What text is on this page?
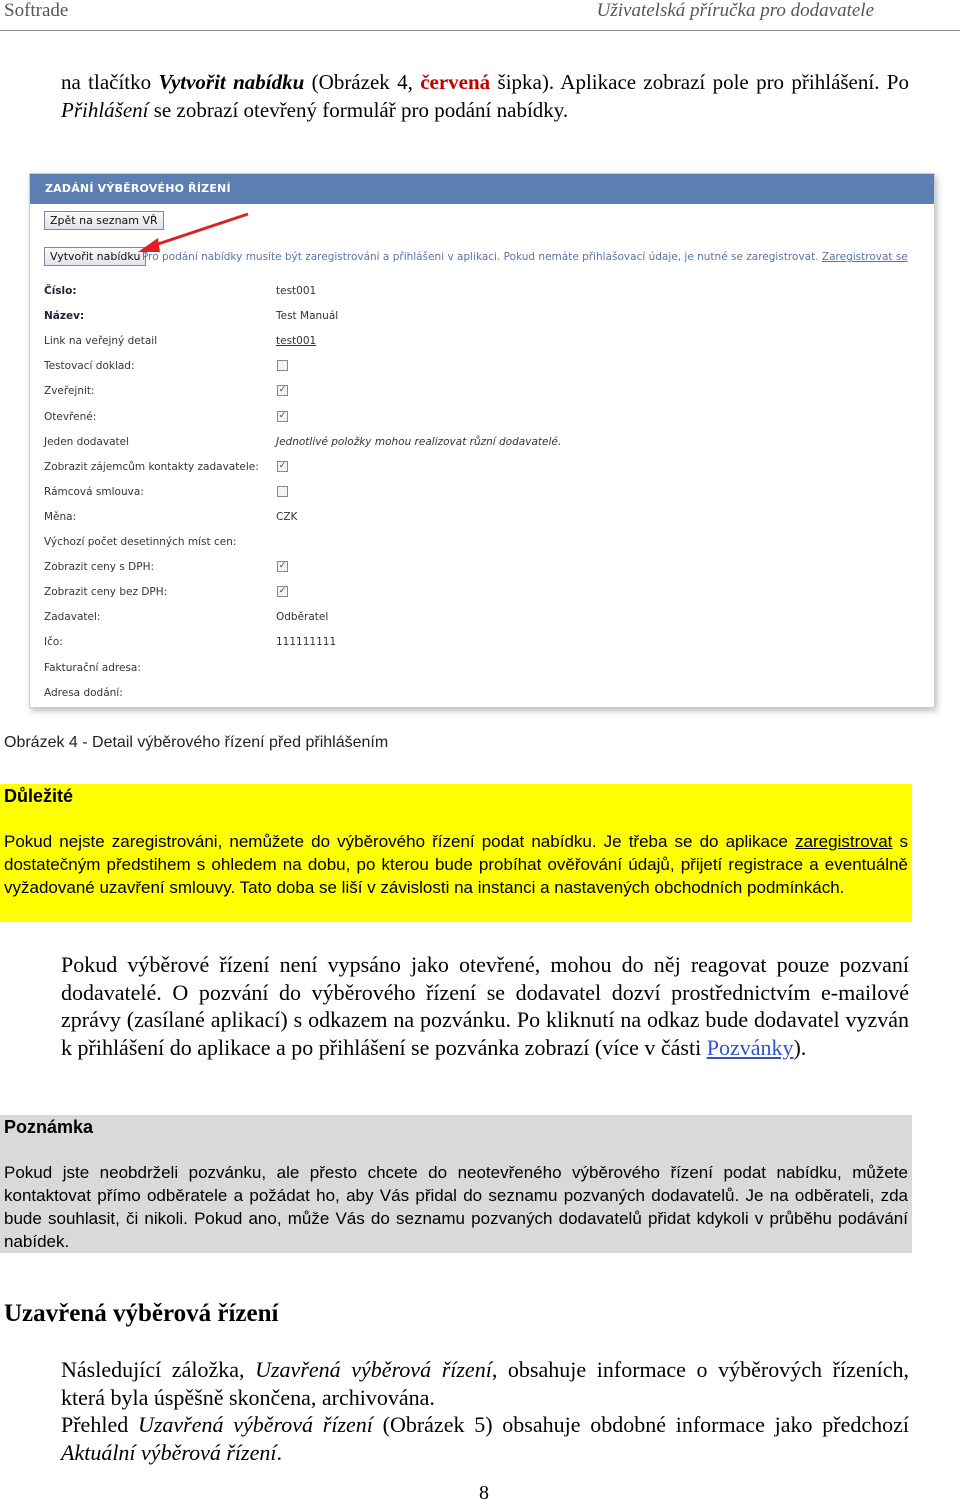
Softrade	Uživatelská příručka pro dodavatele

na tlačítko Vytvořit nabídku (Obrázek 4, červená šipka). Aplikace zobrazí pole pro přihlášení. Po Přihlášení se zobrazí otevřený formulář pro podání nabídky.

ZADÁNÍ VÝBĚROVÉHO ŘÍZENÍ
Zpět na seznam VŘ
Vytvořit nabídku Pro podání nabídky musíte být zaregistrováni a přihlášeni v aplikaci. Pokud nemáte přihlašovací údaje, je nutné se zaregistrovat. Zaregistrovat se
Číslo:	test001
Název:	Test Manuál
Link na veřejný detail	test001
Testovací doklad:
Zveřejnit:	✓
Otevřené:	✓
Jeden dodavatel	Jednotlivé položky mohou realizovat různí dodavatelé.
Zobrazit zájemcům kontakty zadavatele: ✓
Rámcová smlouva:
Měna:	CZK
Výchozí počet desetinných míst cen:
Zobrazit ceny s DPH:	✓
Zobrazit ceny bez DPH:	✓
Zadavatel:	Odběratel
Ičo:	111111111
Fakturační adresa:
Adresa dodání:
Obrázek 4 - Detail výběrového řízení před přihlášením
Důležité
Pokud nejste zaregistrováni, nemůžete do výběrového řízení podat nabídku. Je třeba se do aplikace zaregistrovat s dostatečným předstihem s ohledem na dobu, po kterou bude probíhat ověřování údajů, přijetí registrace a eventuálně vyžadované uzavření smlouvy. Tato doba se liší v závislosti na instanci a nastavených obchodních podmínkách.

Pokud výběrové řízení není vypsáno jako otevřené, mohou do něj reagovat pouze pozvaní dodavatelé. O pozvání do výběrového řízení se dodavatel dozví prostřednictvím e-mailové zprávy (zasílané aplikací) s odkazem na pozvánku. Po kliknutí na odkaz bude dodavatel vyzván k přihlášení do aplikace a po přihlášení se pozvánka zobrazí (více v části Pozvánky).

Poznámka
Pokud jste neobdrželi pozvánku, ale přesto chcete do neotevřeného výběrového řízení podat nabídku, můžete kontaktovat přímo odběratele a požádat ho, aby Vás přidal do seznamu pozvaných dodavatelů. Je na odběrateli, zda bude souhlasit, či nikoli. Pokud ano, může Vás do seznamu pozvaných dodavatelů přidat kdykoli v průběhu podávání nabídek.
Uzavřená výběrová řízení

Následující záložka, Uzavřená výběrová řízení, obsahuje informace o výběrových řízeních, která byla úspěšně skončena, archivována.

Přehled Uzavřená výběrová řízení (Obrázek 5) obsahuje obdobné informace jako předchozí Aktuální výběrová řízení.

8
